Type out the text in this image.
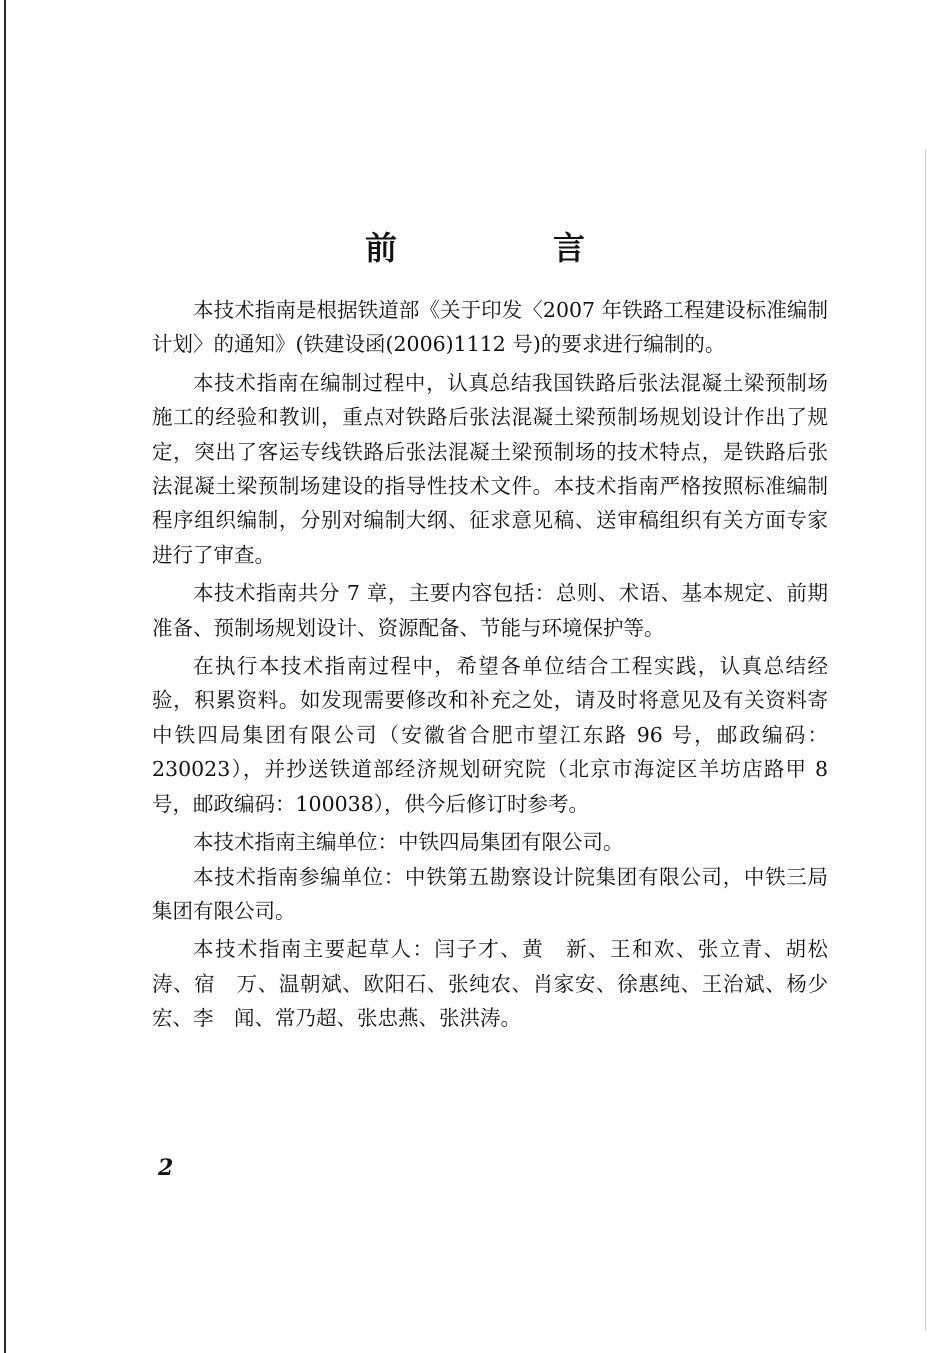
前　言

本技术指南是根据铁道部《关于印发〈2007 年铁路工程建设标准编制计划〉的通知》(铁建设函(2006)1112 号)的要求进行编制的。

本技术指南在编制过程中，认真总结我国铁路后张法混凝土梁预制场施工的经验和教训，重点对铁路后张法混凝土梁预制场规划设计作出了规定，突出了客运专线铁路后张法混凝土梁预制场的技术特点，是铁路后张法混凝土梁预制场建设的指导性技术文件。本技术指南严格按照标准编制程序组织编制，分别对编制大纲、征求意见稿、送审稿组织有关方面专家进行了审查。

本技术指南共分 7 章，主要内容包括：总则、术语、基本规定、前期准备、预制场规划设计、资源配备、节能与环境保护等。

在执行本技术指南过程中，希望各单位结合工程实践，认真总结经验，积累资料。如发现需要修改和补充之处，请及时将意见及有关资料寄中铁四局集团有限公司（安徽省合肥市望江东路 96 号，邮政编码：230023），并抄送铁道部经济规划研究院（北京市海淀区羊坊店路甲 8 号，邮政编码：100038），供今后修订时参考。

本技术指南主编单位：中铁四局集团有限公司。

本技术指南参编单位：中铁第五勘察设计院集团有限公司，中铁三局集团有限公司。

本技术指南主要起草人：闫子才、黄　新、王和欢、张立青、胡松涛、宿　万、温朝斌、欧阳石、张纯农、肖家安、徐惠纯、王治斌、杨少宏、李　闻、常乃超、张忠燕、张洪涛。

2
